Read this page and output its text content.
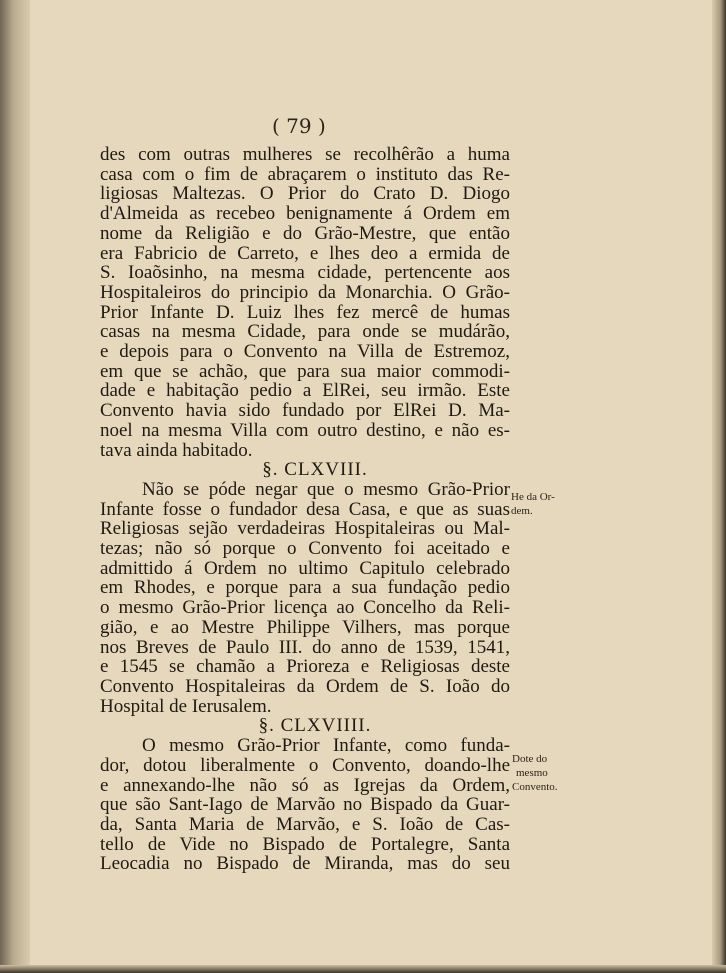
( 79 )
des com outras mulheres se recolhêrão a huma
casa com o fim de abraçarem o instituto das Re-
ligiosas Maltezas. O Prior do Crato D. Diogo
d'Almeida as recebeo benignamente á Ordem em
nome da Religião e do Grão-Mestre, que então
era Fabricio de Carreto, e lhes deo a ermida de
S. Ioaõsinho, na mesma cidade, pertencente aos
Hospitaleiros do principio da Monarchia. O Grão-
Prior Infante D. Luiz lhes fez mercê de humas
casas na mesma Cidade, para onde se mudárão,
e depois para o Convento na Villa de Estremoz,
em que se achão, que para sua maior commodi-
dade e habitação pedio a ElRei, seu irmão. Este
Convento havia sido fundado por ElRei D. Ma-
noel na mesma Villa com outro destino, e não es-
tava ainda habitado.
§. CLXVIII.
Não se póde negar que o mesmo Grão-Prior
Infante fosse o fundador desa Casa, e que as suas
Religiosas sejão verdadeiras Hospitaleiras ou Mal-
tezas; não só porque o Convento foi aceitado e
admittido á Ordem no ultimo Capitulo celebrado
em Rhodes, e porque para a sua fundação pedio
o mesmo Grão-Prior licença ao Concelho da Reli-
gião, e ao Mestre Philippe Vilhers, mas porque
nos Breves de Paulo III. do anno de 1539, 1541,
e 1545 se chamão a Prioreza e Religiosas deste
Convento Hospitaleiras da Ordem de S. Ioão do
Hospital de Ierusalem.
§. CLXVIIII.
O mesmo Grão-Prior Infante, como funda-
dor, dotou liberalmente o Convento, doando-lhe
e annexando-lhe não só as Igrejas da Ordem,
que são Sant-Iago de Marvão no Bispado da Guar-
da, Santa Maria de Marvão, e S. Ioão de Cas-
tello de Vide no Bispado de Portalegre, Santa
Leocadia no Bispado de Miranda, mas do seu
He da Or-
dem.
Dote do
mesmo
Convento.
